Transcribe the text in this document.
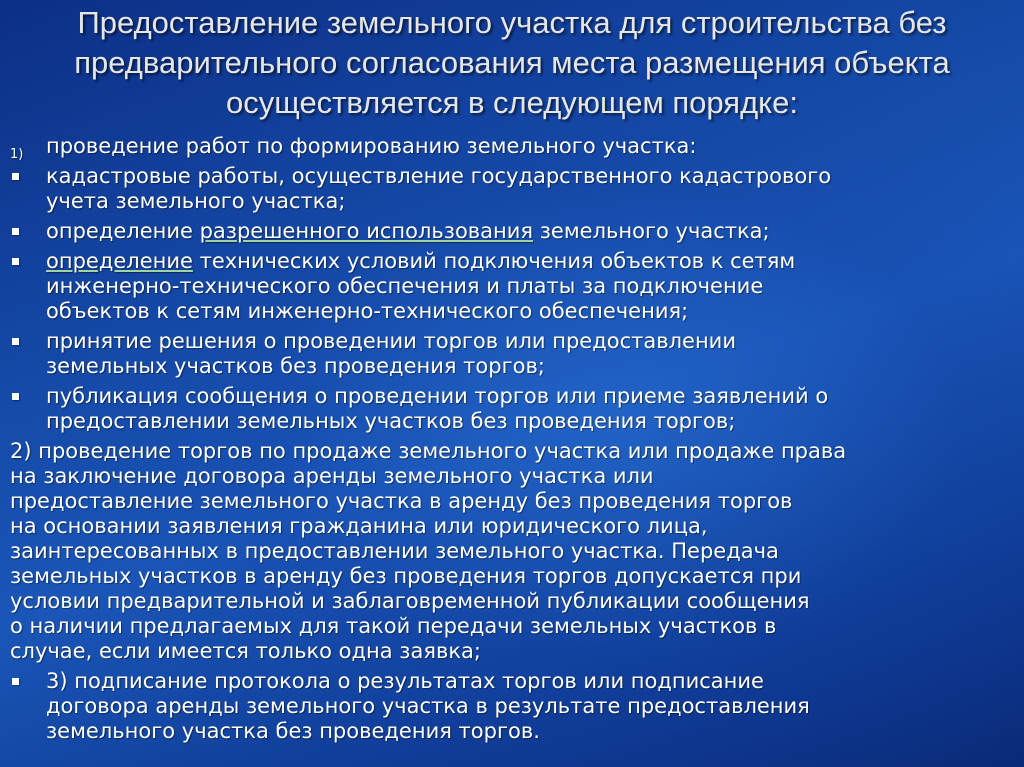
Предоставление земельного участка для строительства без
предварительного согласования места размещения объекта
осуществляется в следующем порядке:
1) проведение работ по формированию земельного участка:
кадастровые работы, осуществление государственного кадастрового
учета земельного участка;
определение разрешенного использования земельного участка;
определение технических условий подключения объектов к сетям
инженерно-технического обеспечения и платы за подключение
объектов к сетям инженерно-технического обеспечения;
принятие решения о проведении торгов или предоставлении
земельных участков без проведения торгов;
публикация сообщения о проведении торгов или приеме заявлений о
предоставлении земельных участков без проведения торгов;
2) проведение торгов по продаже земельного участка или продаже права
на заключение договора аренды земельного участка или
предоставление земельного участка в аренду без проведения торгов
на основании заявления гражданина или юридического лица,
заинтересованных в предоставлении земельного участка. Передача
земельных участков в аренду без проведения торгов допускается при
условии предварительной и заблаговременной публикации сообщения
о наличии предлагаемых для такой передачи земельных участков в
случае, если имеется только одна заявка;
3) подписание протокола о результатах торгов или подписание
договора аренды земельного участка в результате предоставления
земельного участка без проведения торгов.
